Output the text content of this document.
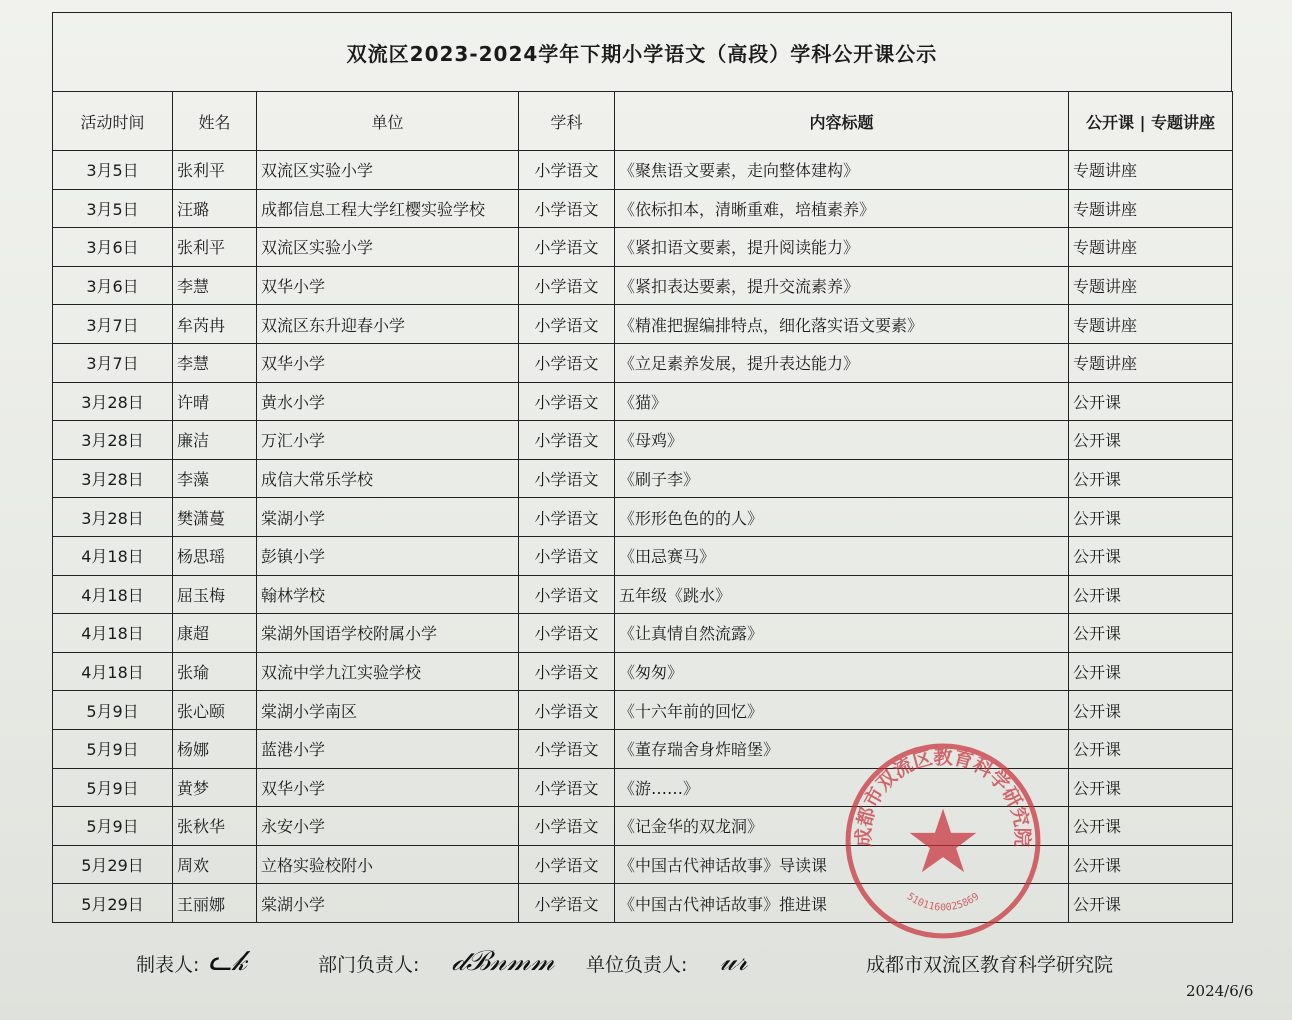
双流区2023-2024学年下期小学语文（高段）学科公开课公示
活动时间	姓名	单位	学科	内容标题	公开课 | 专题讲座
3月5日	张利平	双流区实验小学	小学语文	《聚焦语文要素，走向整体建构》	专题讲座
3月5日	汪璐	成都信息工程大学红樱实验学校	小学语文	《依标扣本，清晰重难，培植素养》	专题讲座
3月6日	张利平	双流区实验小学	小学语文	《紧扣语文要素，提升阅读能力》	专题讲座
3月6日	李慧	双华小学	小学语文	《紧扣表达要素，提升交流素养》	专题讲座
3月7日	牟芮冉	双流区东升迎春小学	小学语文	《精准把握编排特点，细化落实语文要素》	专题讲座
3月7日	李慧	双华小学	小学语文	《立足素养发展，提升表达能力》	专题讲座
3月28日	许晴	黄水小学	小学语文	《猫》	公开课
3月28日	廉洁	万汇小学	小学语文	《母鸡》	公开课
3月28日	李藻	成信大常乐学校	小学语文	《刷子李》	公开课
3月28日	樊潇蔓	棠湖小学	小学语文	《形形色色的的人》	公开课
4月18日	杨思瑶	彭镇小学	小学语文	《田忌赛马》	公开课
4月18日	屈玉梅	翰林学校	小学语文	五年级《跳水》	公开课
4月18日	康超	棠湖外国语学校附属小学	小学语文	《让真情自然流露》	公开课
4月18日	张瑜	双流中学九江实验学校	小学语文	《匆匆》	公开课
5月9日	张心颐	棠湖小学南区	小学语文	《十六年前的回忆》	公开课
5月9日	杨娜	蓝港小学	小学语文	《董存瑞舍身炸暗堡》	公开课
5月9日	黄梦	双华小学	小学语文	《游……》	公开课
5月9日	张秋华	永安小学	小学语文	《记金华的双龙洞》	公开课
5月29日	周欢	立格实验校附小	小学语文	《中国古代神话故事》导读课	公开课
5月29日	王丽娜	棠湖小学	小学语文	《中国古代神话故事》推进课	公开课
制表人: ᓚ𝓀	部门负责人: 𝒹ℬ𝓃𝓂𝓂 单位负责人: 𝓊𝓇	成都市双流区教育科学研究院
2024/6/6
成都市双流区教育科学研究院
5101160025869
